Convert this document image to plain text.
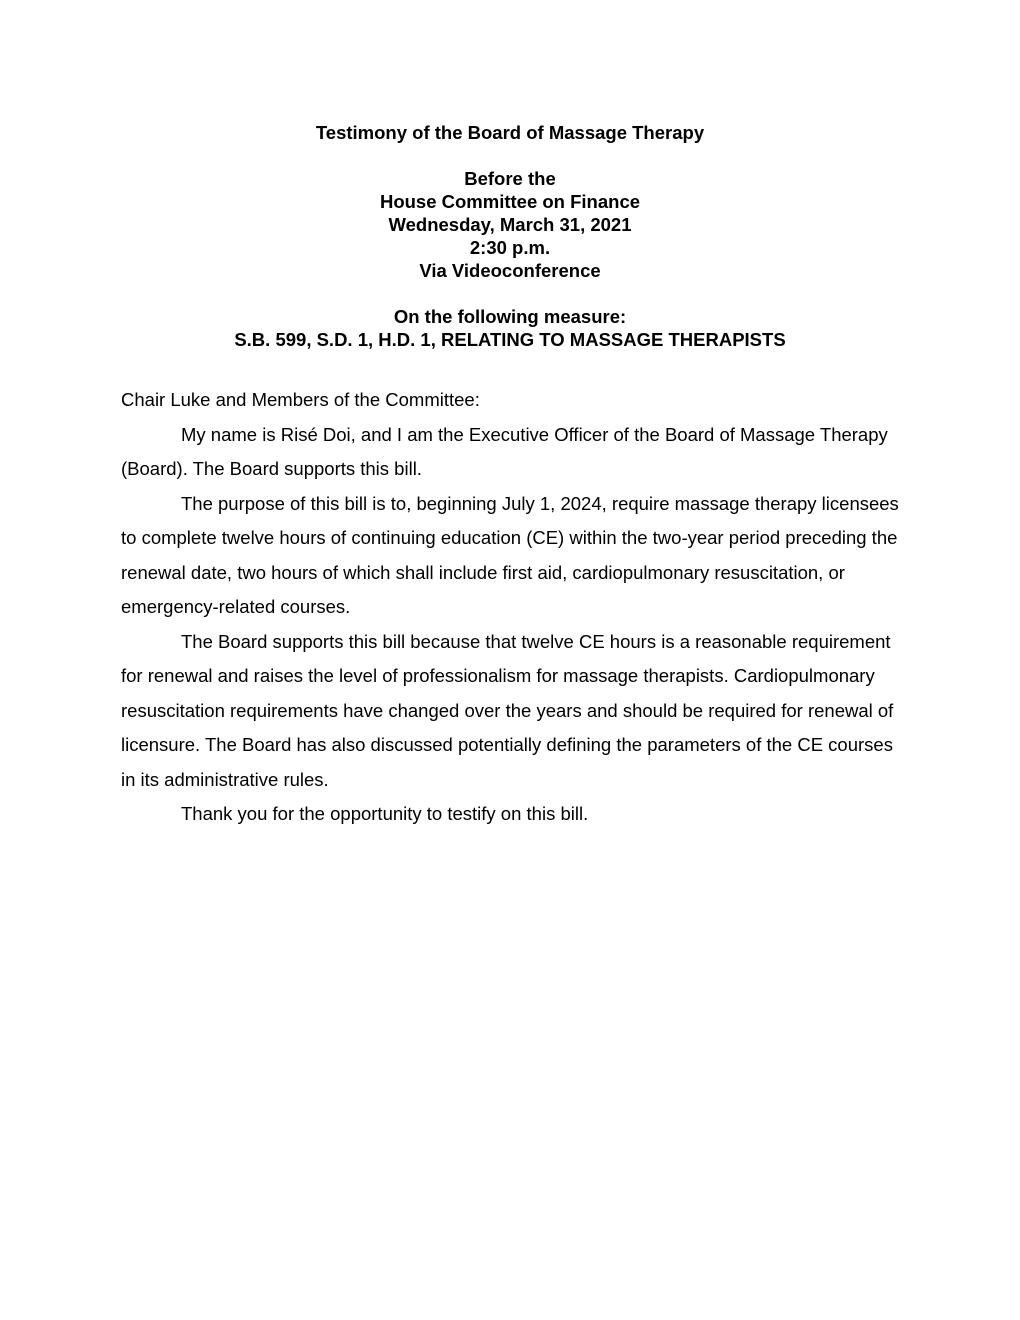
Testimony of the Board of Massage Therapy
Before the
House Committee on Finance
Wednesday, March 31, 2021
2:30 p.m.
Via Videoconference
On the following measure:
S.B. 599, S.D. 1, H.D. 1, RELATING TO MASSAGE THERAPISTS

Chair Luke and Members of the Committee:

My name is Risé Doi, and I am the Executive Officer of the Board of Massage Therapy (Board). The Board supports this bill.

The purpose of this bill is to, beginning July 1, 2024, require massage therapy licensees to complete twelve hours of continuing education (CE) within the two-year period preceding the renewal date, two hours of which shall include first aid, cardiopulmonary resuscitation, or emergency-related courses.

The Board supports this bill because that twelve CE hours is a reasonable requirement for renewal and raises the level of professionalism for massage therapists. Cardiopulmonary resuscitation requirements have changed over the years and should be required for renewal of licensure. The Board has also discussed potentially defining the parameters of the CE courses in its administrative rules.

Thank you for the opportunity to testify on this bill.
